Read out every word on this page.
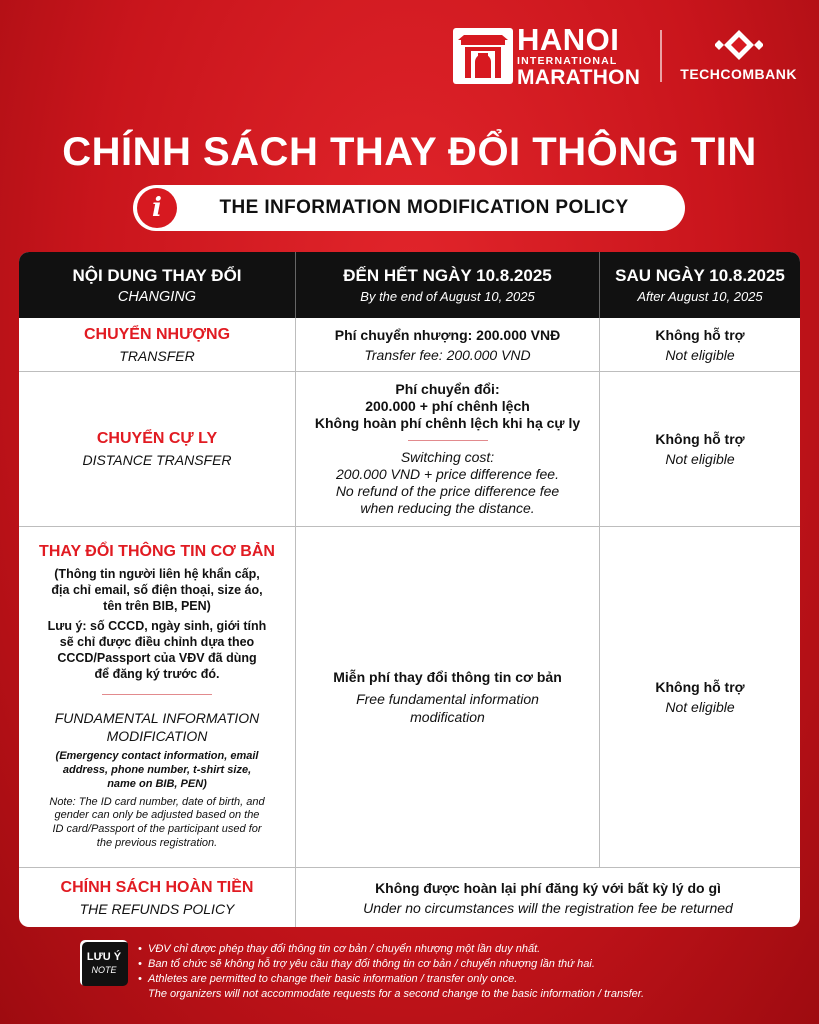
HANOI
INTERNATIONAL
MARATHON	TECHCOMBANK
CHÍNH SÁCH THAY ĐỔI THÔNG TIN
i	THE INFORMATION MODIFICATION POLICY
NỘI DUNG THAY ĐỔI
CHANGING
ĐẾN HẾT NGÀY 10.8.2025
By the end of August 10, 2025
SAU NGÀY 10.8.2025
After August 10, 2025
CHUYỂN NHƯỢNG
TRANSFER
Phí chuyển nhượng: 200.000 VNĐ
Transfer fee: 200.000 VND
Không hỗ trợ
Not eligible
CHUYỂN CỰ LY
DISTANCE TRANSFER
Phí chuyển đổi:
200.000 + phí chênh lệch
Không hoàn phí chênh lệch khi hạ cự ly
Switching cost:
200.000 VND + price difference fee.
No refund of the price difference fee
when reducing the distance.
Không hỗ trợ
Not eligible
THAY ĐỔI THÔNG TIN CƠ BẢN
(Thông tin người liên hệ khẩn cấp,
địa chỉ email, số điện thoại, size áo,
tên trên BIB, PEN)
Lưu ý: số CCCD, ngày sinh, giới tính
sẽ chỉ được điều chỉnh dựa theo
CCCD/Passport của VĐV đã dùng
để đăng ký trước đó.
FUNDAMENTAL INFORMATION
MODIFICATION
(Emergency contact information, email
address, phone number, t-shirt size,
name on BIB, PEN)
Note: The ID card number, date of birth, and
gender can only be adjusted based on the
ID card/Passport of the participant used for
the previous registration.
Miễn phí thay đổi thông tin cơ bản
Free fundamental information
modification
Không hỗ trợ
Not eligible
CHÍNH SÁCH HOÀN TIỀN
THE REFUNDS POLICY
Không được hoàn lại phí đăng ký với bất kỳ lý do gì
Under no circumstances will the registration fee be returned
LƯU Ý
NOTE
• VĐV chỉ được phép thay đổi thông tin cơ bản / chuyển nhượng một lần duy nhất.
• Ban tổ chức sẽ không hỗ trợ yêu cầu thay đổi thông tin cơ bản / chuyển nhượng lần thứ hai.
• Athletes are permitted to change their basic information / transfer only once.
The organizers will not accommodate requests for a second change to the basic information / transfer.
